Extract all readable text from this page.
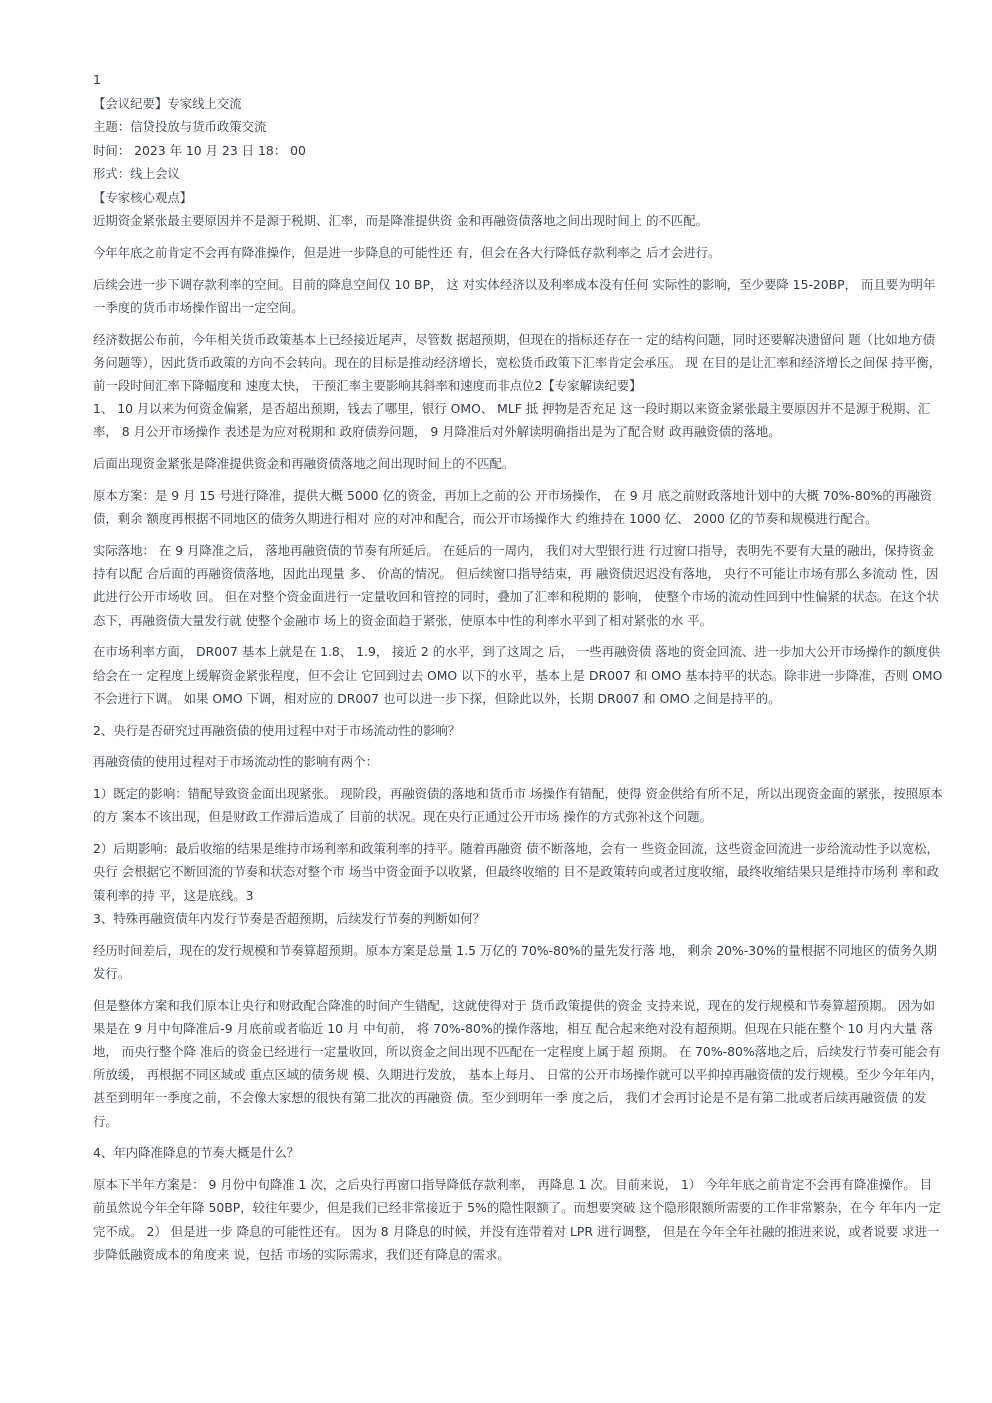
1
【会议纪要】专家线上交流
主题：信贷投放与货币政策交流
时间： 2023 年 10 月 23 日 18： 00
形式：线上会议
【专家核心观点】
近期资金紧张最主要原因并不是源于税期、汇率，而是降准提供资 金和再融资债落地之间出现时间上 的不匹配。
今年年底之前肯定不会再有降准操作，但是进一步降息的可能性还 有，但会在各大行降低存款利率之 后才会进行。
后续会进一步下调存款利率的空间。目前的降息空间仅 10 BP， 这 对实体经济以及利率成本没有任何 实际性的影响，至少要降 15-20BP， 而且要为明年一季度的货币市场操作留出一定空间。
经济数据公布前，今年相关货币政策基本上已经接近尾声，尽管数 据超预期，但现在的指标还存在一 定的结构问题，同时还要解决遗留问 题（比如地方债务问题等），因此货币政策的方向不会转向。现在的目标是推动经济增长，宽松货币政策下汇率肯定会承压。 现 在目的是让汇率和经济增长之间保 持平衡，前一段时间汇率下降幅度和 速度太快， 干预汇率主要影响其斜率和速度而非点位2【专家解读纪要】
1、 10 月以来为何资金偏紧，是否超出预期，钱去了哪里，银行 OMO、 MLF 抵 押物是否充足 这一段时期以来资金紧张最主要原因并不是源于税期、汇率， 8 月公开市场操作 表述是为应对税期和 政府债券问题， 9 月降准后对外解读明确指出是为了配合财 政再融资债的落地。
后面出现资金紧张是降准提供资金和再融资债落地之间出现时间上的不匹配。
原本方案：是 9 月 15 号进行降准，提供大概 5000 亿的资金，再加上之前的公 开市场操作， 在 9 月 底之前财政落地计划中的大概 70%-80%的再融资债，剩余 额度再根据不同地区的债务久期进行相对 应的对冲和配合，而公开市场操作大 约维持在 1000 亿、 2000 亿的节奏和规模进行配合。
实际落地： 在 9 月降准之后， 落地再融资债的节奏有所延后。 在延后的一周内， 我们对大型银行进 行过窗口指导，表明先不要有大量的融出，保持资金持有以配 合后面的再融资债落地，因此出现量 多、 价高的情况。 但后续窗口指导结束，再 融资债迟迟没有落地， 央行不可能让市场有那么多流动 性，因此进行公开市场收 回。 但在对整个资金面进行一定量收回和管控的同时，叠加了汇率和税期的 影响， 使整个市场的流动性回到中性偏紧的状态。在这个状态下，再融资债大量发行就 使整个金融市 场上的资金面趋于紧张，使原本中性的利率水平到了相对紧张的水 平。
在市场利率方面， DR007 基本上就是在 1.8、 1.9， 接近 2 的水平，到了这周之 后， 一些再融资债 落地的资金回流、进一步加大公开市场操作的额度供给会在一 定程度上缓解资金紧张程度，但不会让 它回到过去 OMO 以下的水平，基本上是 DR007 和 OMO 基本持平的状态。除非进一步降准，否则 OMO 不会进行下调。 如果 OMO 下调，相对应的 DR007 也可以进一步下探，但除此以外，长期 DR007 和 OMO 之间是持平的。
2、央行是否研究过再融资债的使用过程中对于市场流动性的影响？
再融资债的使用过程对于市场流动性的影响有两个：
1）既定的影响：错配导致资金面出现紧张。 现阶段，再融资债的落地和货币市 场操作有错配，使得 资金供给有所不足，所以出现资金面的紧张，按照原本的方 案本不该出现，但是财政工作滞后造成了 目前的状况。现在央行正通过公开市场 操作的方式弥补这个问题。
2）后期影响：最后收缩的结果是维持市场利率和政策利率的持平。随着再融资 债不断落地，会有一 些资金回流，这些资金回流进一步给流动性予以宽松，央行 会根据它不断回流的节奏和状态对整个市 场当中资金面予以收紧，但最终收缩的 目不是政策转向或者过度收缩，最终收缩结果只是维持市场利 率和政策利率的持 平，这是底线。3
3、特殊再融资债年内发行节奏是否超预期，后续发行节奏的判断如何？
经历时间差后，现在的发行规模和节奏算超预期。原本方案是总量 1.5 万亿的 70%-80%的量先发行落 地， 剩余 20%-30%的量根据不同地区的债务久期发行。
但是整体方案和我们原本让央行和财政配合降准的时间产生错配，这就使得对于 货币政策提供的资金 支持来说，现在的发行规模和节奏算超预期。 因为如果是在 9 月中旬降准后-9 月底前或者临近 10 月 中旬前， 将 70%-80%的操作落地，相互 配合起来绝对没有超预期。但现在只能在整个 10 月内大量 落地， 而央行整个降 准后的资金已经进行一定量收回，所以资金之间出现不匹配在一定程度上属于超 预期。 在 70%-80%落地之后，后续发行节奏可能会有所放缓， 再根据不同区域或 重点区域的债务规 模、久期进行发放， 基本上每月、 日常的公开市场操作就可以平抑掉再融资债的发行规模。至少今年年内，甚至到明年一季度之前，不会像大家想的很快有第二批次的再融资 债。至少到明年一季 度之后， 我们才会再讨论是不是有第二批或者后续再融资债 的发行。
4、年内降准降息的节奏大概是什么？
原本下半年方案是： 9 月份中旬降准 1 次，之后央行再窗口指导降低存款利率， 再降息 1 次。目前来说， 1） 今年年底之前肯定不会再有降准操作。 目前虽然说今年全年降 50BP，较往年要少，但是我们已经非常接近于 5%的隐性限额了。而想要突破 这个隐形限额所需要的工作非常繁杂，在今 年年内一定完不成。 2） 但是进一步 降息的可能性还有。 因为 8 月降息的时候，并没有连带着对 LPR 进行调整， 但是在今年全年社融的推进来说，或者说要 求进一步降低融资成本的角度来 说，包括 市场的实际需求，我们还有降息的需求。
